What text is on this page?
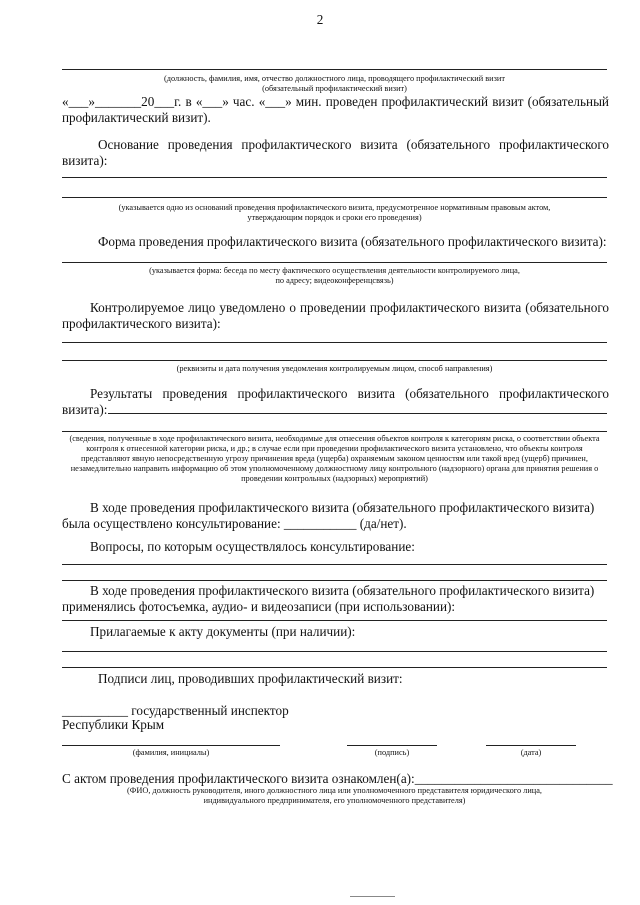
2
(должность, фамилия, имя, отчество должностного лица, проводящего профилактический визит
(обязательный профилактический визит)
«___»_______20___г. в «___» час. «___» мин. проведен профилактический визит (обязательный профилактический визит).
Основание проведения профилактического визита (обязательного профилактического визита):
(указывается одно из оснований проведения профилактического визита, предусмотренное нормативным правовым актом,
утверждающим порядок и сроки его проведения)
Форма проведения профилактического визита (обязательного профилактического визита):
(указывается форма: беседа по месту фактического осуществления деятельности контролируемого лица,
по адресу; видеоконференцсвязь)
Контролируемое лицо уведомлено о проведении профилактического визита (обязательного профилактического визита):
(реквизиты и дата получения уведомления контролируемым лицом, способ направления)
Результаты проведения профилактического визита (обязательного профилактического визита):
(сведения, полученные в ходе профилактического визита, необходимые для отнесения объектов контроля к категориям риска, о соответствии объекта контроля к отнесенной категории риска, и др.; в случае если при проведении профилактического визита установлено, что объекты контроля представляют явную непосредственную угрозу причинения вреда (ущерба) охраняемым законом ценностям или такой вред (ущерб) причинен, незамедлительно направить информацию об этом уполномоченному должностному лицу контрольного (надзорного) органа для принятия решения о проведении контрольных (надзорных) мероприятий)
В ходе проведения профилактического визита (обязательного профилактического визита)
была осуществлено консультирование: ___________ (да/нет).
Вопросы, по которым осуществлялось консультирование:
В ходе проведения профилактического визита (обязательного профилактического визита)
применялись фотосъемка, аудио- и видеозаписи (при использовании):
Прилагаемые к акту документы (при наличии):
Подписи лиц, проводивших профилактический визит:
__________ государственный инспектор
Республики Крым
(фамилия, инициалы)	(подпись)	(дата)
С актом проведения профилактического визита ознакомлен(а):______________________________
(ФИО, должность руководителя, иного должностного лица или уполномоченного представителя юридического лица,
индивидуального предпринимателя, его уполномоченного представителя)
